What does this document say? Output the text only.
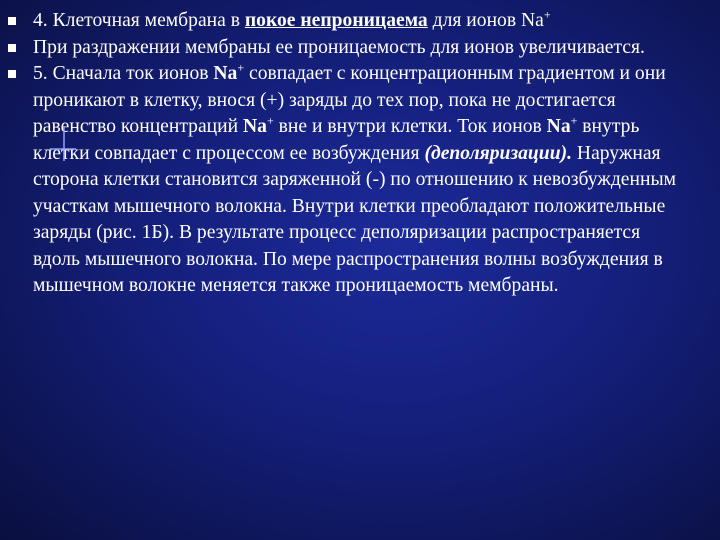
4. Клеточная мембрана в покое непроницаема для ионов Na+
При раздражении мембраны ее проницаемость для ионов увеличивается.
5. Сначала ток ионов Na+ совпадает с концентрационным градиентом и они проникают в клетку, внося (+) заряды до тех пор, пока не достигается равенство концентраций Na+ вне и внутри клетки. Ток ионов Na+ внутрь клетки совпадает с процессом ее возбуждения (деполяризации). Наружная сторона клетки становится заряженной (-) по отношению к невозбужденным участкам мышечного волокна. Внутри клетки преобладают положительные заряды (рис. 1Б). В результате процесс деполяризации распространяется вдоль мышечного волокна. По мере распространения волны возбуждения в мышечном волокне меняется также проницаемость мембраны.
